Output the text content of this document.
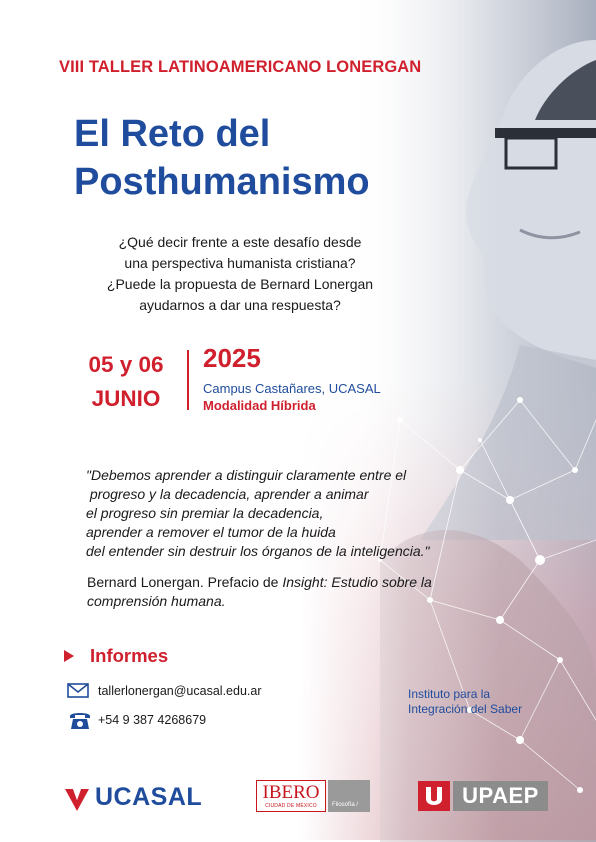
VIII TALLER LATINOAMERICANO LONERGAN

El Reto del
Posthumanismo
¿Qué decir frente a este desafío desde
una perspectiva humanista cristiana?
¿Puede la propuesta de Bernard Lonergan
ayudarnos a dar una respuesta?
05 y 06
JUNIO

2025

Campus Castañares, UCASAL
Modalidad Híbrida
"Debemos aprender a distinguir claramente entre el
progreso y la decadencia, aprender a animar
el progreso sin premiar la decadencia,
aprender a remover el tumor de la huida
del entender sin destruir los órganos de la inteligencia."
Bernard Lonergan. Prefacio de Insight: Estudio sobre la comprensión humana.
Informes
tallerlonergan@ucasal.edu.ar
+54 9 387 4268679
Instituto para la
Integración del Saber
UCASAL	IBERO
CIUDAD DE MÉXICO	Filosofía /	UPAEP
